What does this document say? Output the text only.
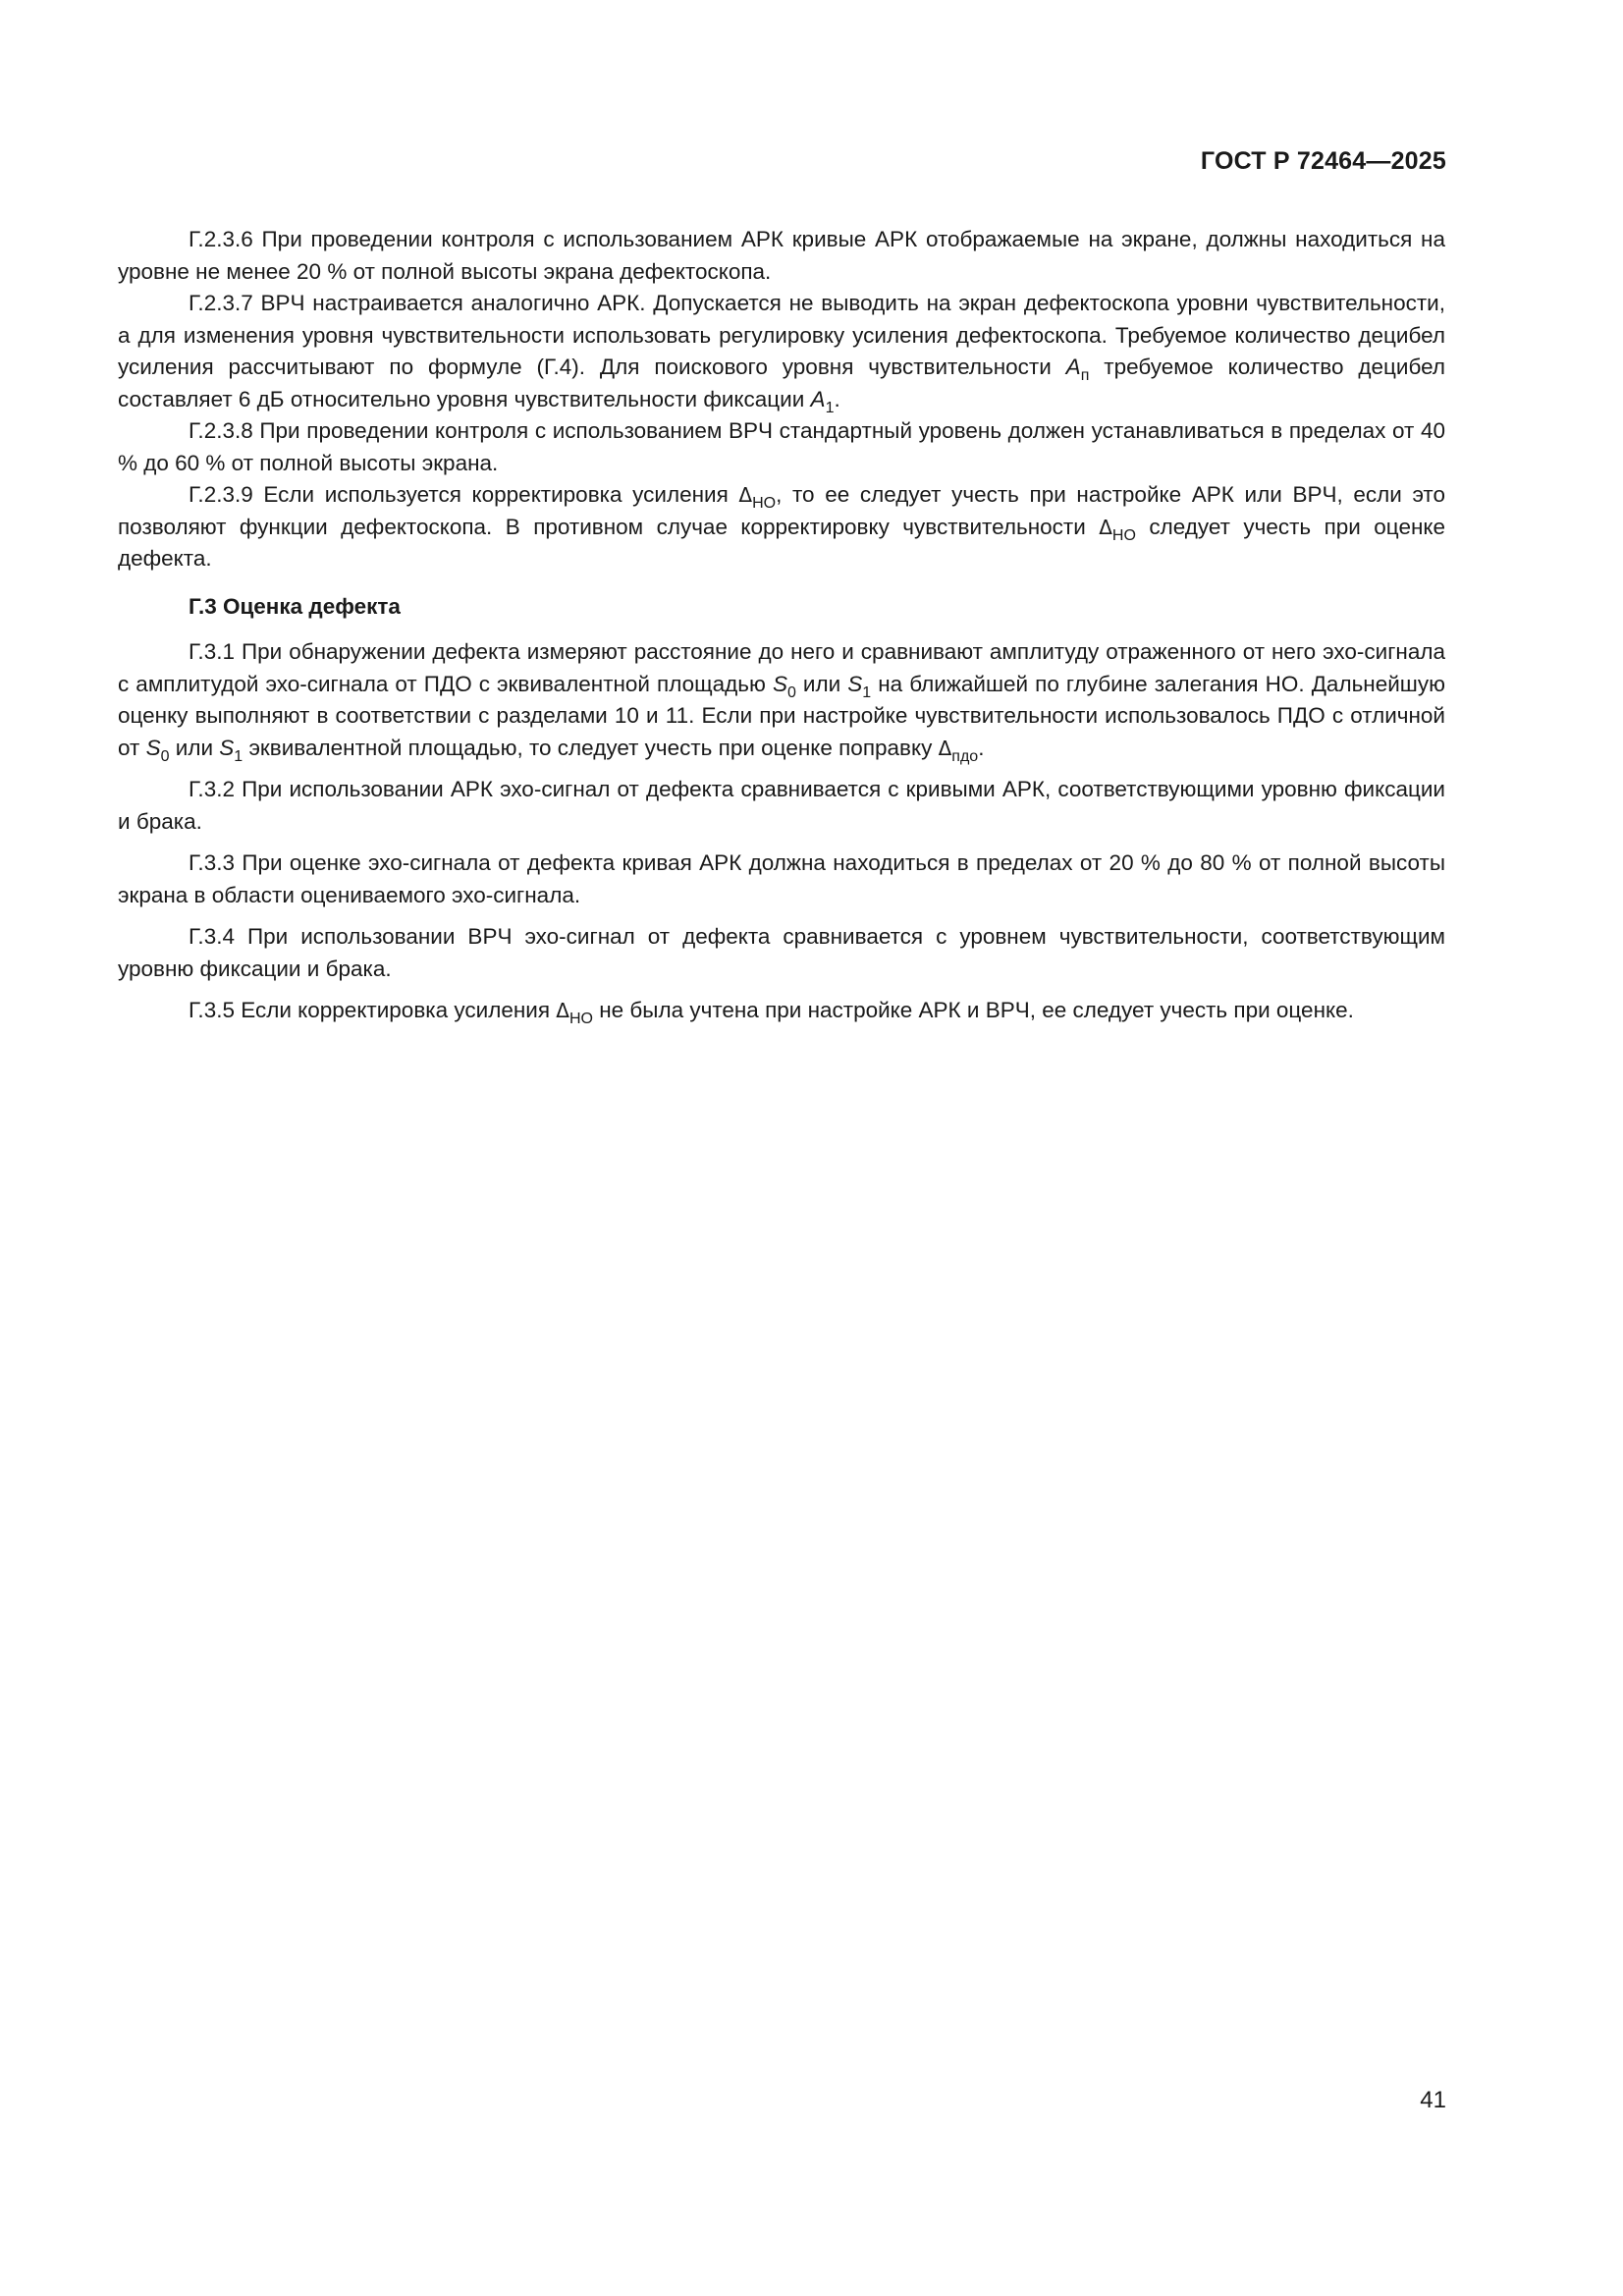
ГОСТ Р 72464—2025

Г.2.3.6 При проведении контроля с использованием АРК кривые АРК отображаемые на экране, должны находиться на уровне не менее 20 % от полной высоты экрана дефектоскопа.

Г.2.3.7 ВРЧ настраивается аналогично АРК. Допускается не выводить на экран дефектоскопа уровни чувствительности, а для изменения уровня чувствительности использовать регулировку усиления дефектоскопа. Требуемое количество децибел усиления рассчитывают по формуле (Г.4). Для поискового уровня чувствительности $A_п$ требуемое количество децибел составляет 6 дБ относительно уровня чувствительности фиксации $A_1$.

Г.2.3.8 При проведении контроля с использованием ВРЧ стандартный уровень должен устанавливаться в пределах от 40 % до 60 % от полной высоты экрана.

Г.2.3.9 Если используется корректировка усиления $\Delta_{НО}$, то ее следует учесть при настройке АРК или ВРЧ, если это позволяют функции дефектоскопа. В противном случае корректировку чувствительности $\Delta_{НО}$ следует учесть при оценке дефекта.

Г.3 Оценка дефекта

Г.3.1 При обнаружении дефекта измеряют расстояние до него и сравнивают амплитуду отраженного от него эхо-сигнала с амплитудой эхо-сигнала от ПДО с эквивалентной площадью $S_0$ или $S_1$ на ближайшей по глубине залегания НО. Дальнейшую оценку выполняют в соответствии с разделами 10 и 11. Если при настройке чувствительности использовалось ПДО с отличной от $S_0$ или $S_1$ эквивалентной площадью, то следует учесть при оценке поправку $\Delta_{пдо}$.

Г.3.2 При использовании АРК эхо-сигнал от дефекта сравнивается с кривыми АРК, соответствующими уровню фиксации и брака.

Г.3.3 При оценке эхо-сигнала от дефекта кривая АРК должна находиться в пределах от 20 % до 80 % от полной высоты экрана в области оцениваемого эхо-сигнала.

Г.3.4 При использовании ВРЧ эхо-сигнал от дефекта сравнивается с уровнем чувствительности, соответствующим уровню фиксации и брака.

Г.3.5 Если корректировка усиления $\Delta_{НО}$ не была учтена при настройке АРК и ВРЧ, ее следует учесть при оценке.

41
